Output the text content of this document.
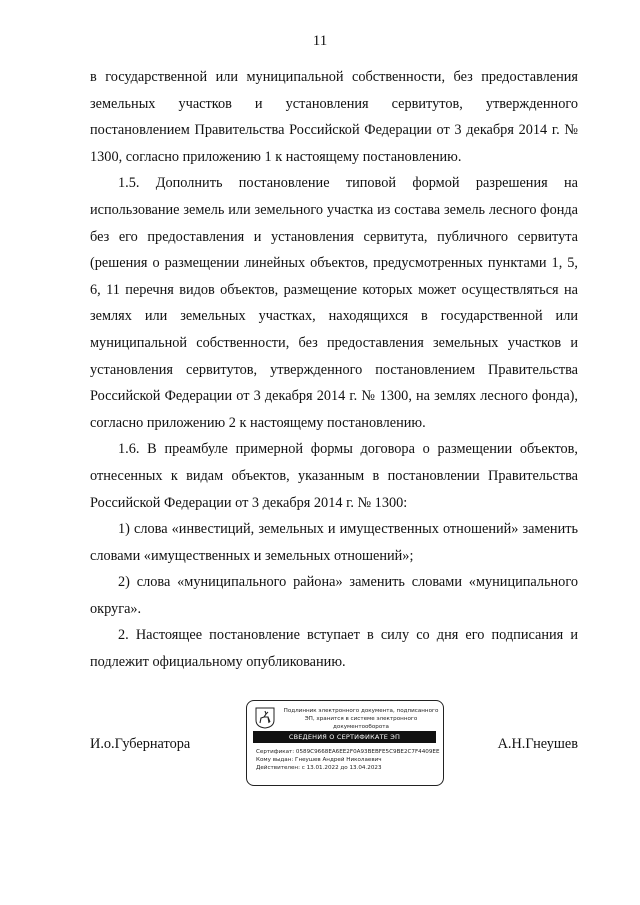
11

в государственной или муниципальной собственности, без предоставления земельных участков и установления сервитутов, утвержденного постановлением Правительства Российской Федерации от 3 декабря 2014 г. № 1300, согласно приложению 1 к настоящему постановлению.

1.5. Дополнить постановление типовой формой разрешения на использование земель или земельного участка из состава земель лесного фонда без его предоставления и установления сервитута, публичного сервитута (решения о размещении линейных объектов, предусмотренных пунктами 1, 5, 6, 11 перечня видов объектов, размещение которых может осуществляться на землях или земельных участках, находящихся в государственной или муниципальной собственности, без предоставления земельных участков и установления сервитутов, утвержденного постановлением Правительства Российской Федерации от 3 декабря 2014 г. № 1300, на землях лесного фонда), согласно приложению 2 к настоящему постановлению.

1.6. В преамбуле примерной формы договора о размещении объектов, отнесенных к видам объектов, указанным в постановлении Правительства Российской Федерации от 3 декабря 2014 г. № 1300:

1) слова «инвестиций, земельных и имущественных отношений» заменить словами «имущественных и земельных отношений»;

2) слова «муниципального района» заменить словами «муниципального округа».

2. Настоящее постановление вступает в силу со дня его подписания и подлежит официальному опубликованию.

И.о.Губернатора
Подлинник электронного документа, подписанного ЭП, хранится в системе электронного документооборота
СВЕДЕНИЯ О СЕРТИФИКАТЕ ЭП
Сертификат: 0589C9668EA6EE2F0A93BEBFE5C9BE2C7F4409EE
Кому выдан: Гнеушев Андрей Николаевич
Действителен: с 13.01.2022 до 13.04.2023
А.Н.Гнеушев
